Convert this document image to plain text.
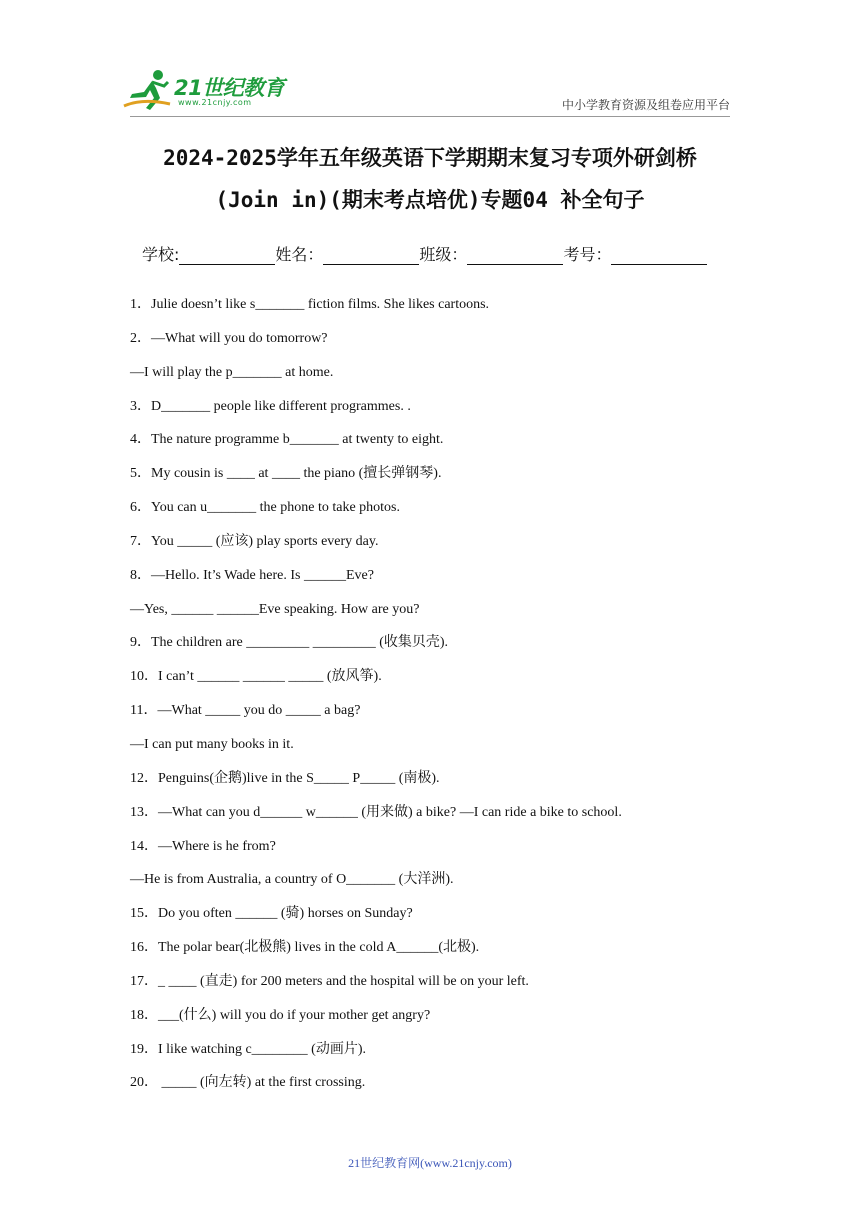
21世纪教育
www.21cnjy.com	中小学教育资源及组卷应用平台
2024-2025学年五年级英语下学期期末复习专项外研剑桥
(Join in)(期末考点培优)专题04 补全句子
学校:	姓名：	班级：	考号：
1．Julie doesn’t like s_______ fiction films. She likes cartoons.
2．—What will you do tomorrow?
—I will play the p_______ at home.
3．D_______ people like different programmes. .
4．The nature programme b_______ at twenty to eight.
5．My cousin is ____ at ____ the piano (擅长弹钢琴).
6．You can u_______ the phone to take photos.
7．You _____ (应该) play sports every day.
8．—Hello. It’s Wade here. Is ______Eve?
—Yes, ______ ______Eve speaking. How are you?
9．The children are _________ _________ (收集贝壳).
10．I can’t ______ ______ _____ (放风筝).
11．—What _____ you do _____ a bag?
—I can put many books in it.
12．Penguins(企鹅)live in the S_____ P_____ (南极).
13．—What can you d______ w______ (用来做) a bike? —I can ride a bike to school.
14．—Where is he from?
—He is from Australia, a country of O_______ (大洋洲).
15．Do you often ______ (骑) horses on Sunday?
16．The polar bear(北极熊) lives in the cold A______(北极).
17．_ ____ (直走) for 200 meters and the hospital will be on your left.
18．___(什么) will you do if your mother get angry?
19．I like watching c________ (动画片).
20． _____ (向左转) at the first crossing.
21世纪教育网(www.21cnjy.com)
